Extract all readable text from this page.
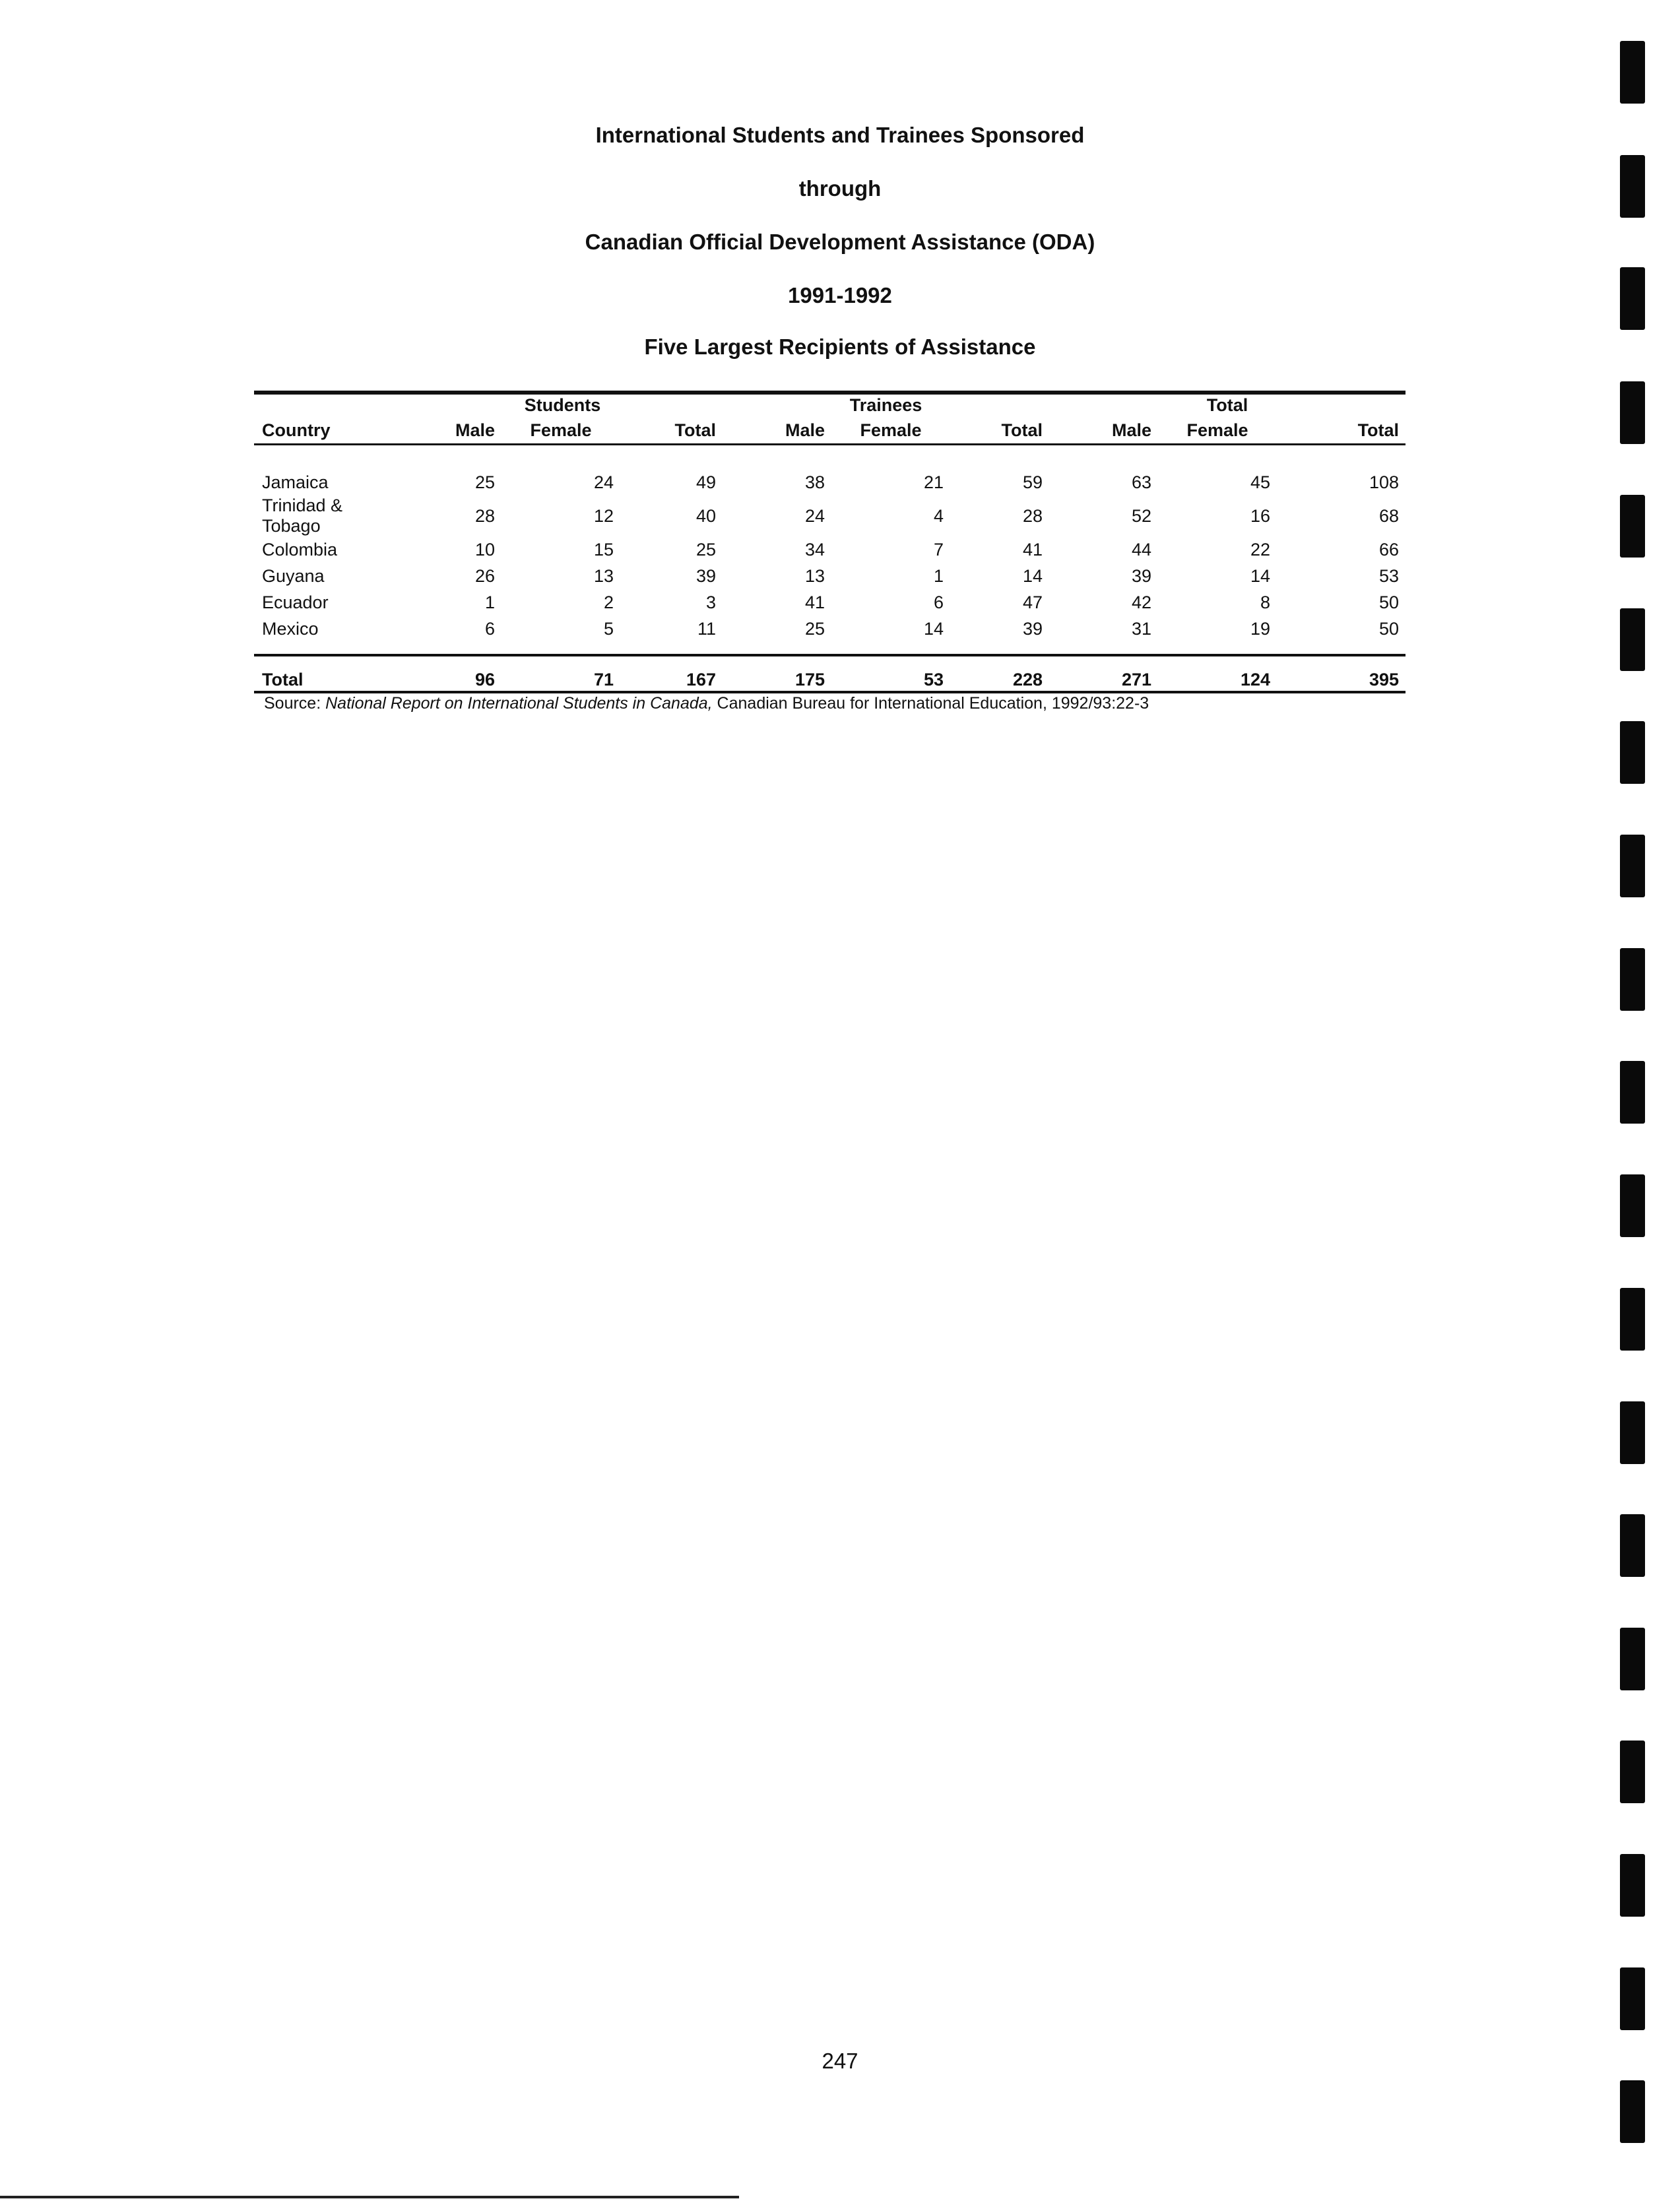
International Students and Trainees Sponsored
through
Canadian Official Development Assistance (ODA)
1991-1992
Five Largest Recipients of Assistance
	Students			Trainees			Total		
Country	Male	Female	Total	Male	Female	Total	Male	Female	Total

Jamaica	25	24	49	38	21	59	63	45	108
Trinidad & Tobago	28	12	40	24	4	28	52	16	68
Colombia	10	15	25	34	7	41	44	22	66
Guyana	26	13	39	13	1	14	39	14	53
Ecuador	1	2	3	41	6	47	42	8	50
Mexico	6	5	11	25	14	39	31	19	50

Total	96	71	167	175	53	228	271	124	395
Source: National Report on International Students in Canada, Canadian Bureau for International Education, 1992/93:22-3
247
